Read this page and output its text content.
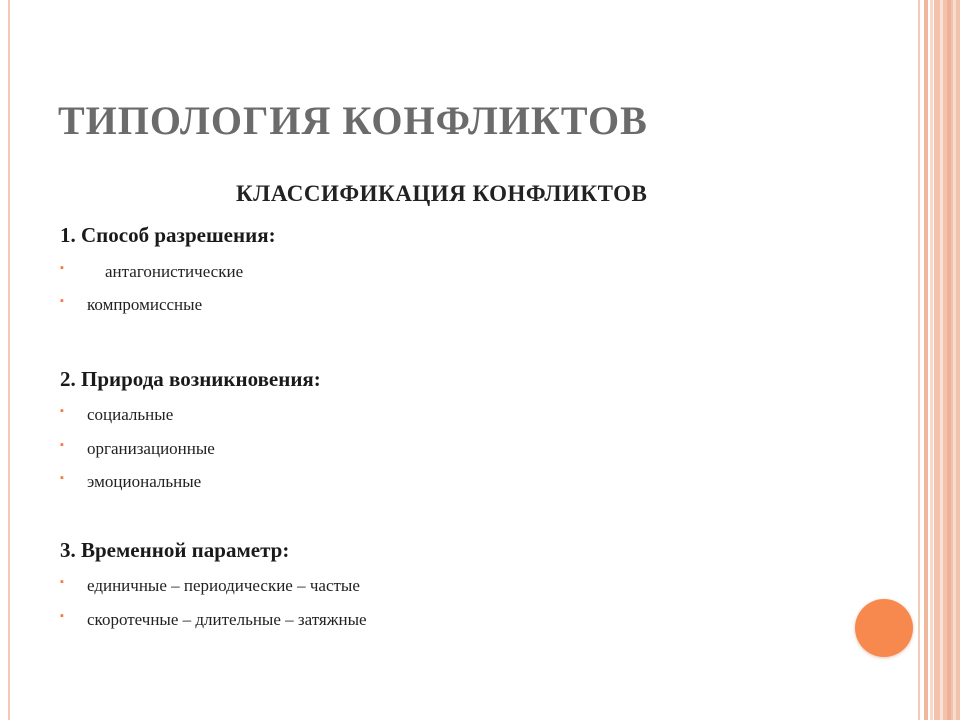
ТИПОЛОГИЯ КОНФЛИКТОВ
КЛАССИФИКАЦИЯ КОНФЛИКТОВ
1. Способ разрешения:
▪ антагонистические
▪ компромиссные
2. Природа возникновения:
▪ социальные
▪ организационные
▪ эмоциональные
3. Временной параметр:
▪ единичные – периодические – частые
▪ скоротечные – длительные – затяжные
